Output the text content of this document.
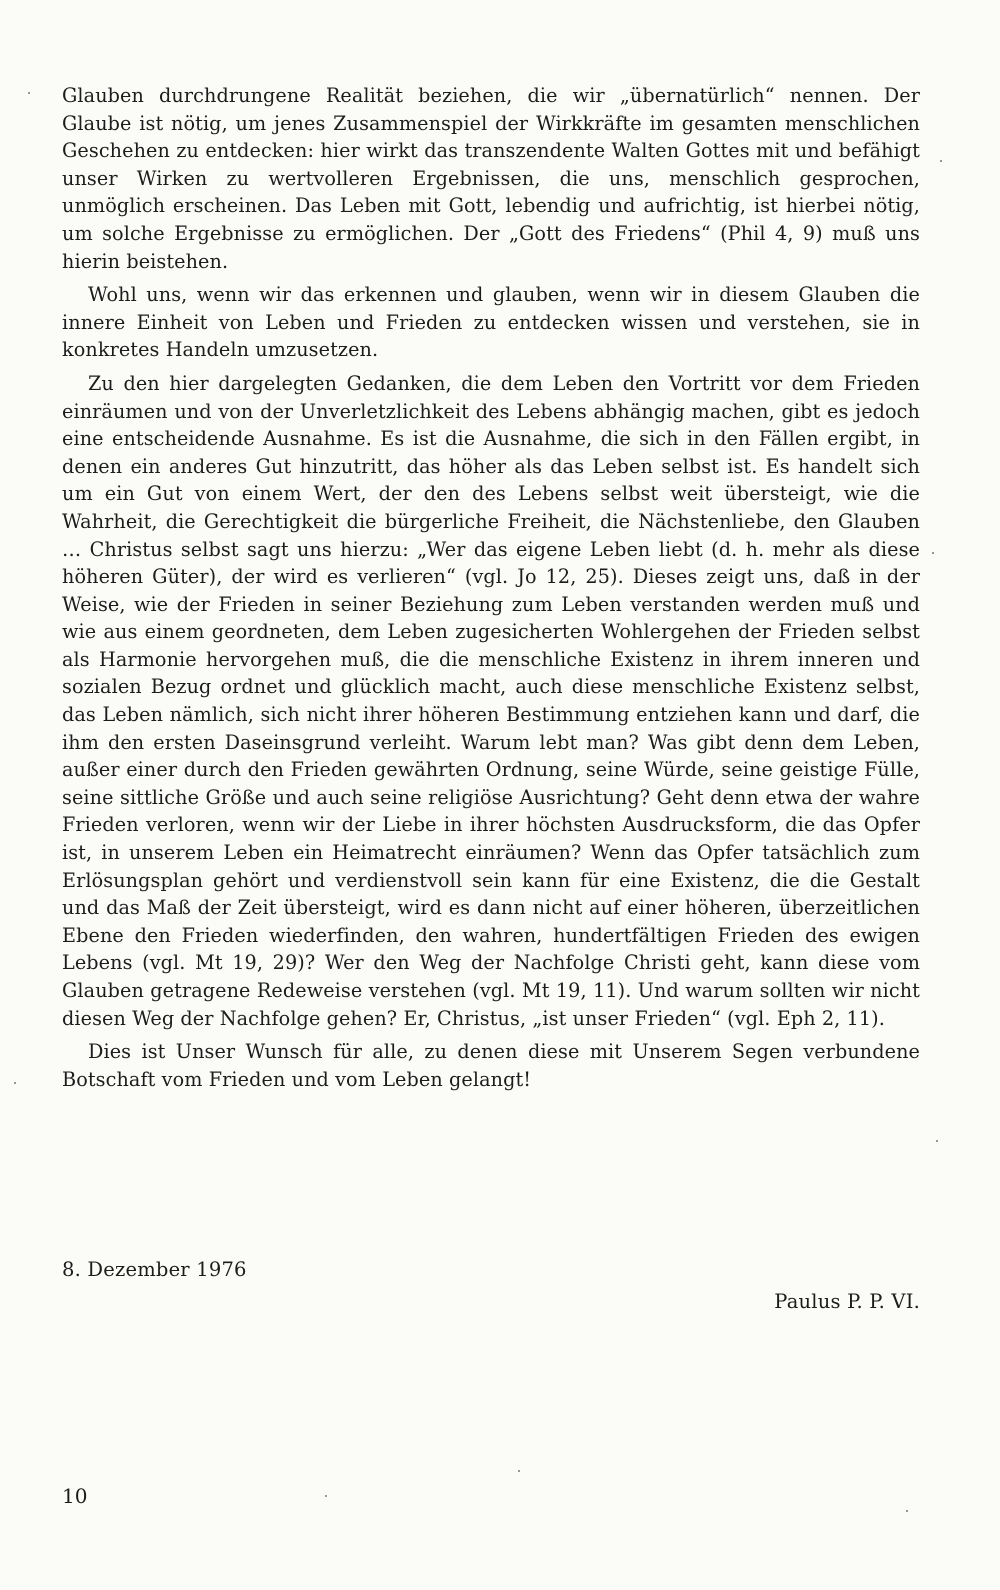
Glauben durchdrungene Realität beziehen, die wir „übernatürlich“ nennen. Der Glaube ist nötig, um jenes Zusammenspiel der Wirkkräfte im gesamten menschlichen Geschehen zu entdecken: hier wirkt das transzendente Walten Gottes mit und befähigt unser Wirken zu wertvolleren Ergebnissen, die uns, menschlich gesprochen, unmöglich erscheinen. Das Leben mit Gott, lebendig und aufrichtig, ist hierbei nötig, um solche Ergebnisse zu ermöglichen. Der „Gott des Friedens“ (Phil 4, 9) muß uns hierin beistehen.

Wohl uns, wenn wir das erkennen und glauben, wenn wir in diesem Glauben die innere Einheit von Leben und Frieden zu entdecken wissen und verstehen, sie in konkretes Handeln umzusetzen.

Zu den hier dargelegten Gedanken, die dem Leben den Vortritt vor dem Frieden einräumen und von der Unverletzlichkeit des Lebens abhängig machen, gibt es jedoch eine entscheidende Ausnahme. Es ist die Ausnahme, die sich in den Fällen ergibt, in denen ein anderes Gut hinzutritt, das höher als das Leben selbst ist. Es handelt sich um ein Gut von einem Wert, der den des Lebens selbst weit übersteigt, wie die Wahrheit, die Gerechtigkeit die bürgerliche Freiheit, die Nächstenliebe, den Glauben … Christus selbst sagt uns hierzu: „Wer das eigene Leben liebt (d. h. mehr als diese höheren Güter), der wird es verlieren“ (vgl. Jo 12, 25). Dieses zeigt uns, daß in der Weise, wie der Frieden in seiner Beziehung zum Leben verstanden werden muß und wie aus einem geordneten, dem Leben zugesicherten Wohlergehen der Frieden selbst als Harmonie hervorgehen muß, die die menschliche Existenz in ihrem inneren und sozialen Bezug ordnet und glücklich macht, auch diese menschliche Existenz selbst, das Leben nämlich, sich nicht ihrer höheren Bestimmung entziehen kann und darf, die ihm den ersten Daseinsgrund verleiht. Warum lebt man? Was gibt denn dem Leben, außer einer durch den Frieden gewährten Ordnung, seine Würde, seine geistige Fülle, seine sittliche Größe und auch seine religiöse Ausrichtung? Geht denn etwa der wahre Frieden verloren, wenn wir der Liebe in ihrer höchsten Ausdrucksform, die das Opfer ist, in unserem Leben ein Heimatrecht einräumen? Wenn das Opfer tatsächlich zum Erlösungsplan gehört und verdienstvoll sein kann für eine Existenz, die die Gestalt und das Maß der Zeit übersteigt, wird es dann nicht auf einer höheren, überzeitlichen Ebene den Frieden wiederfinden, den wahren, hundertfältigen Frieden des ewigen Lebens (vgl. Mt 19, 29)? Wer den Weg der Nachfolge Christi geht, kann diese vom Glauben getragene Redeweise verstehen (vgl. Mt 19, 11). Und warum sollten wir nicht diesen Weg der Nachfolge gehen? Er, Christus, „ist unser Frieden“ (vgl. Eph 2, 11).

Dies ist Unser Wunsch für alle, zu denen diese mit Unserem Segen verbundene Botschaft vom Frieden und vom Leben gelangt!

8. Dezember 1976
Paulus P. P. VI.
10
